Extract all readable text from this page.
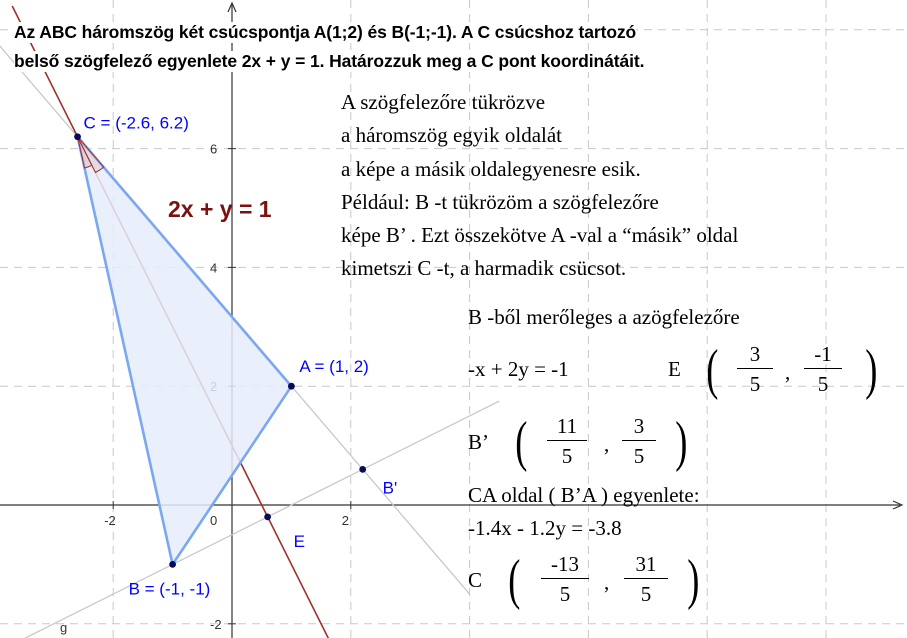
-2	2
0
-2
4
6
A = (1, 2)
B = (-1, -1)
C = (-2.6, 6.2)
E
B'
2x + y = 1
g
Az ABC háromszög két csúcspontja A(1;2) és B(-1;-1). A C csúcshoz tartozó
belső szögfelező egyenlete 2x + y = 1. Határozzuk meg a C pont koordinátáit.
A szögfelezőre tükrözve
a háromszög egyik oldalát
a képe a másik oldalegyenesre esik.
Például: B -t tükrözöm a szögfelezőre
képe B’ . Ezt összekötve A -val a “másik” oldal
kimetszi C -t, a harmadik csücsot.
B -ből merőleges a azögfelezőre
-x + 2y = -1	E ( $\frac{3}{5}$ , $\frac{-1}{5}$ )
B’ ( $\frac{11}{5}$ , $\frac{3}{5}$ )
CA oldal ( B’A ) egyenlete:
-1.4x - 1.2y = -3.8
C ( $\frac{-13}{5}$ , $\frac{31}{5}$ )
